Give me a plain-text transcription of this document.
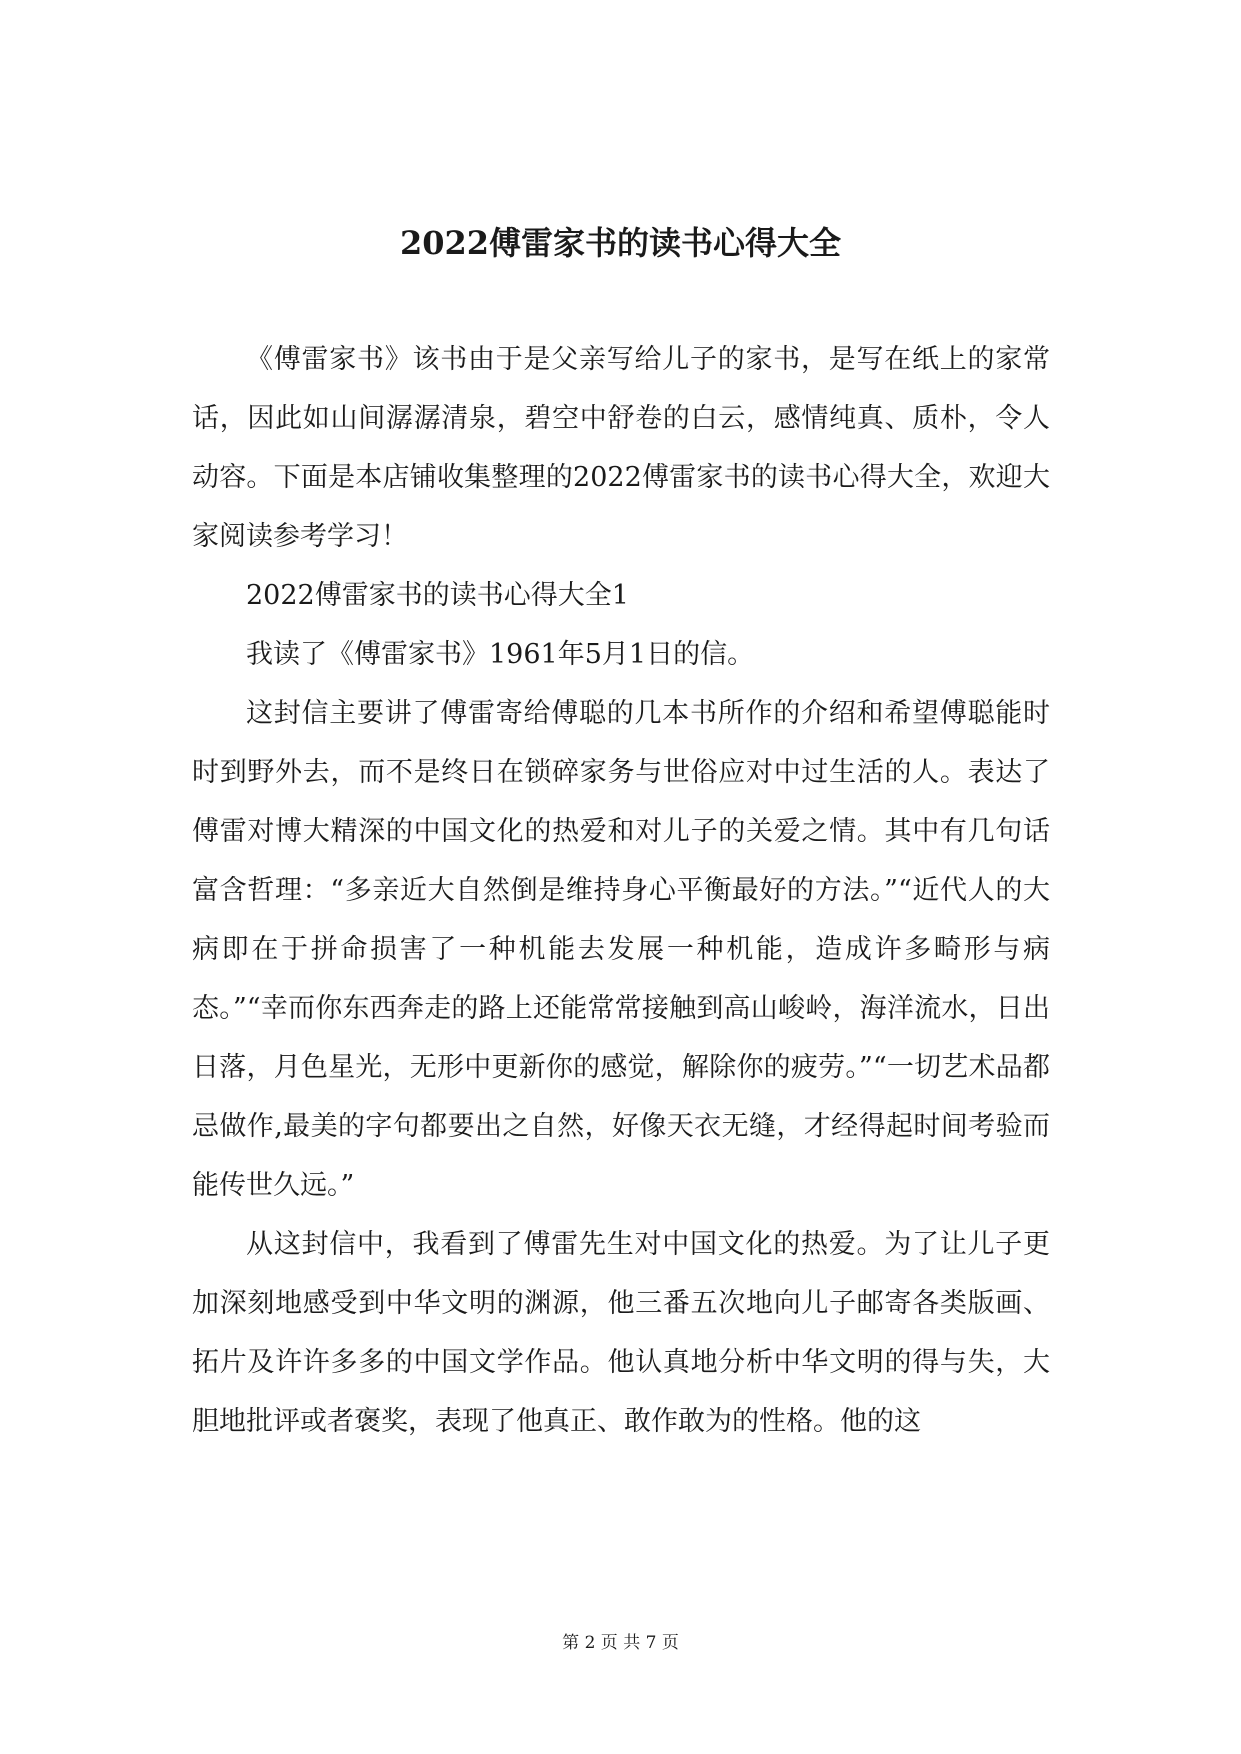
2022傅雷家书的读书心得大全

《傅雷家书》该书由于是父亲写给儿子的家书，是写在纸上的家常话，因此如山间潺潺清泉，碧空中舒卷的白云，感情纯真、质朴，令人动容。下面是本店铺收集整理的2022傅雷家书的读书心得大全，欢迎大家阅读参考学习！

2022傅雷家书的读书心得大全1

我读了《傅雷家书》1961年5月1日的信。

这封信主要讲了傅雷寄给傅聪的几本书所作的介绍和希望傅聪能时时到野外去，而不是终日在锁碎家务与世俗应对中过生活的人。表达了傅雷对博大精深的中国文化的热爱和对儿子的关爱之情。其中有几句话富含哲理：“多亲近大自然倒是维持身心平衡最好的方法。”“近代人的大病即在于拼命损害了一种机能去发展一种机能，造成许多畸形与病态。”“幸而你东西奔走的路上还能常常接触到高山峻岭，海洋流水，日出日落，月色星光，无形中更新你的感觉，解除你的疲劳。”“一切艺术品都忌做作,最美的字句都要出之自然，好像天衣无缝，才经得起时间考验而能传世久远。”

从这封信中，我看到了傅雷先生对中国文化的热爱。为了让儿子更加深刻地感受到中华文明的渊源，他三番五次地向儿子邮寄各类版画、拓片及许许多多的中国文学作品。他认真地分析中华文明的得与失，大胆地批评或者褒奖，表现了他真正、敢作敢为的性格。他的这

第 2 页 共 7 页
